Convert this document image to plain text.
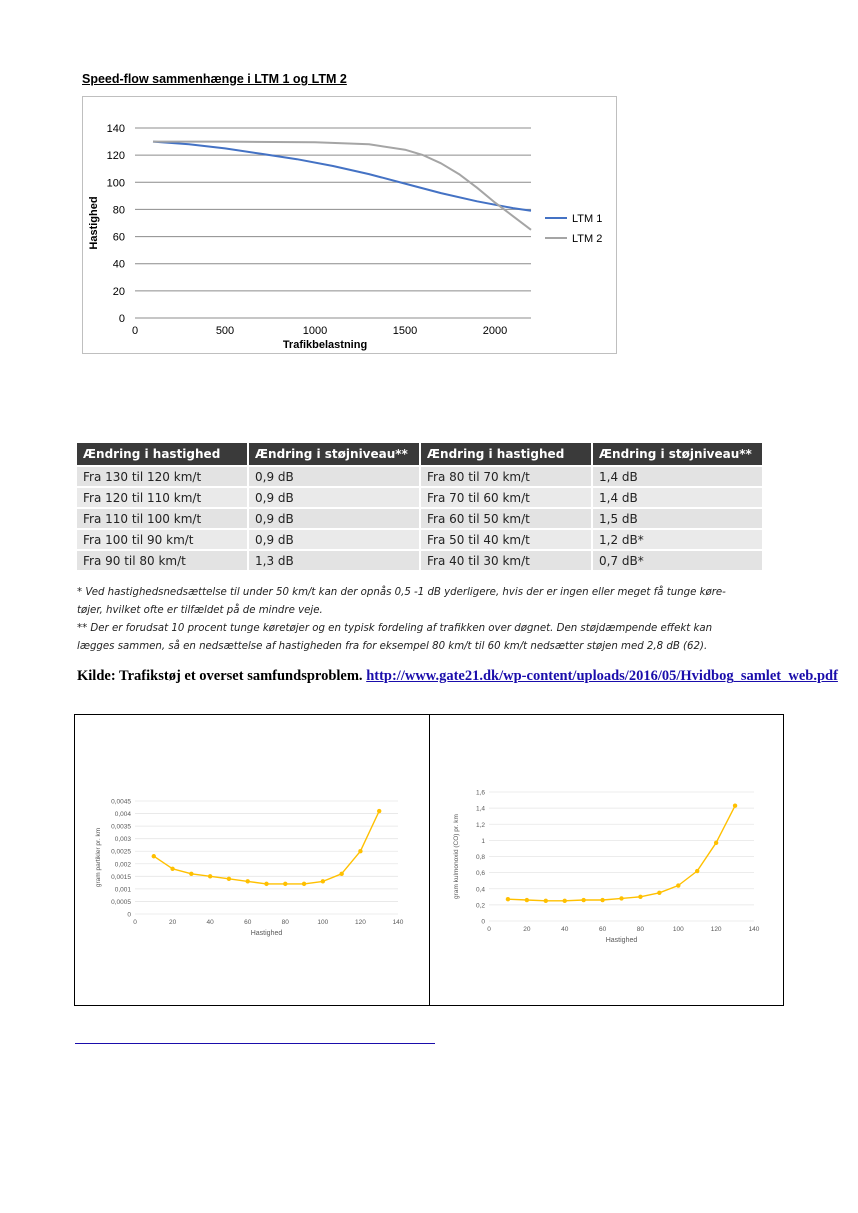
Speed-flow sammenhænge i LTM 1 og LTM 2
0
20
40
60
80
100
120
140
0	500	1000	1500	2000
Trafikbelastning
Hastighed	LTM 1
LTM 2
Ændring i hastighed	Ændring i støjniveau**	Ændring i hastighed	Ændring i støjniveau**
Fra 130 til 120 km/t	0,9 dB	Fra 80 til 70 km/t	1,4 dB
Fra 120 til 110 km/t	0,9 dB	Fra 70 til 60 km/t	1,4 dB
Fra 110 til 100 km/t	0,9 dB	Fra 60 til 50 km/t	1,5 dB
Fra 100 til 90 km/t	0,9 dB	Fra 50 til 40 km/t	1,2 dB*
Fra 90 til 80 km/t	1,3 dB	Fra 40 til 30 km/t	0,7 dB*

* Ved hastighedsnedsættelse til under 50 km/t kan der opnås 0,5 -1 dB yderligere, hvis der er ingen eller meget få tunge køre-

tøjer, hvilket ofte er tilfældet på de mindre veje.

** Der er forudsat 10 procent tunge køretøjer og en typisk fordeling af trafikken over døgnet. Den støjdæmpende effekt kan

lægges sammen, så en nedsættelse af hastigheden fra for eksempel 80 km/t til 60 km/t nedsætter støjen med 2,8 dB (62).

Kilde: Trafikstøj et overset samfundsproblem. http://www.gate21.dk/wp-content/uploads/2016/05/Hvidbog_samlet_web.pdf
0
0,0005
0,001
0,0015
0,002
0,0025
0,003
0,0035
0,004
0,0045
0	20	40	60	80	100	120	140
Hastighed
gram partikler pr. km
0
0,2
0,4
0,6
0,8
1
1,2
1,4
1,6
0	20	40	60	80	100	120	140
Hastighed
gram kulmonoxid (CO) pr. km
